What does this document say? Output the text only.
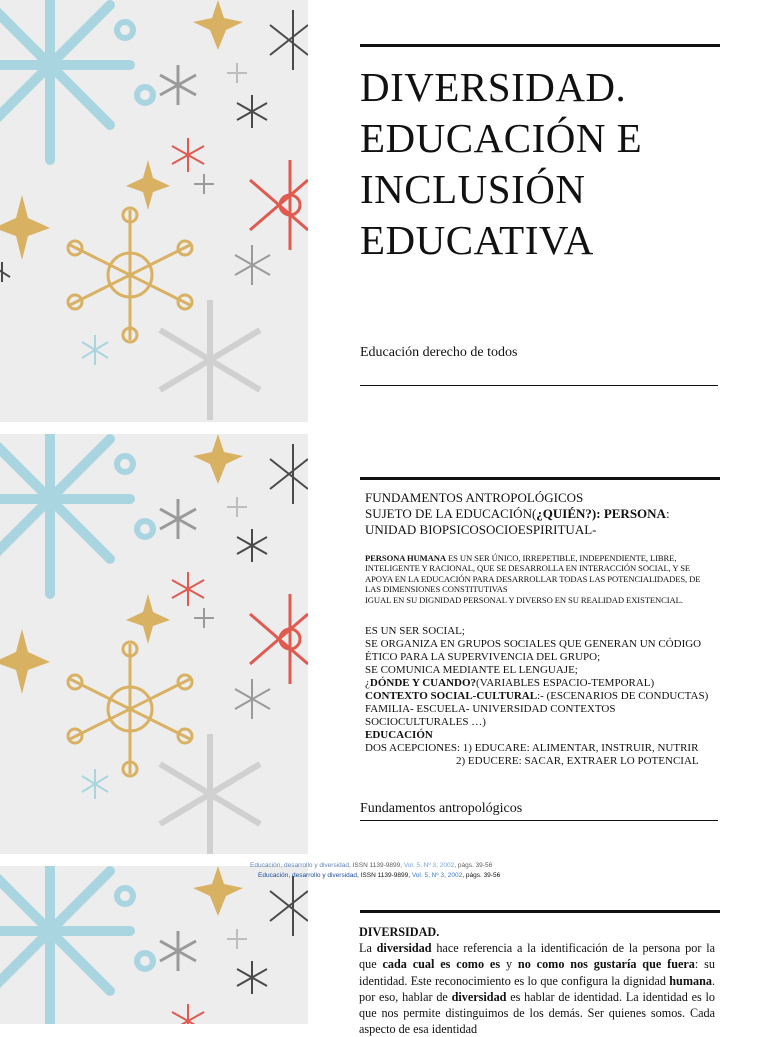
DIVERSIDAD.
EDUCACIÓN E
INCLUSIÓN
EDUCATIVA
Educación derecho de todos
FUNDAMENTOS ANTROPOLÓGICOS
SUJETO DE LA EDUCACIÓN(¿QUIÉN?): PERSONA:
UNIDAD BIOPSICOSOCIOESPIRITUAL-
PERSONA HUMANA ES UN SER ÚNICO, IRREPETIBLE, INDEPENDIENTE, LIBRE, INTELIGENTE Y RACIONAL, QUE SE DESARROLLA EN INTERACCIÓN SOCIAL, Y SE APOYA EN LA EDUCACIÓN PARA DESARROLLAR TODAS LAS POTENCIALIDADES, DE LAS DIMENSIONES CONSTITUTIVAS
IGUAL EN SU DIGNIDAD PERSONAL Y DIVERSO EN SU REALIDAD EXISTENCIAL.
ES UN SER SOCIAL;
SE ORGANIZA EN GRUPOS SOCIALES QUE GENERAN UN CÓDIGO
ÉTICO PARA LA SUPERVIVENCIA DEL GRUPO;
SE COMUNICA MEDIANTE EL LENGUAJE;
¿DÓNDE Y CUANDO?(VARIABLES ESPACIO-TEMPORAL)
CONTEXTO SOCIAL-CULTURAL:- (ESCENARIOS DE CONDUCTAS)
FAMILIA- ESCUELA- UNIVERSIDAD CONTEXTOS
SOCIOCULTURALES …)
EDUCACIÓN
DOS ACEPCIONES: 1) EDUCARE: ALIMENTAR, INSTRUIR, NUTRIR
2) EDUCERE: SACAR, EXTRAER LO POTENCIAL
Fundamentos antropológicos
Educación, desarrollo y diversidad, ISSN 1139-9899, Vol. 5, Nº 3, 2002, págs. 39-56
Educación, desarrollo y diversidad, ISSN 1139-9899, Vol. 5, Nº 3, 2002, págs. 39-56
DIVERSIDAD.
La diversidad hace referencia a la identificación de la persona por la que cada cual es como es y no como nos gustaría que fuera: su identidad. Este reconocimiento es lo que configura la dignidad humana. por eso, hablar de diversidad es hablar de identidad. La identidad es lo que nos permite distinguimos de los demás. Ser quienes somos. Cada aspecto de esa identidad
